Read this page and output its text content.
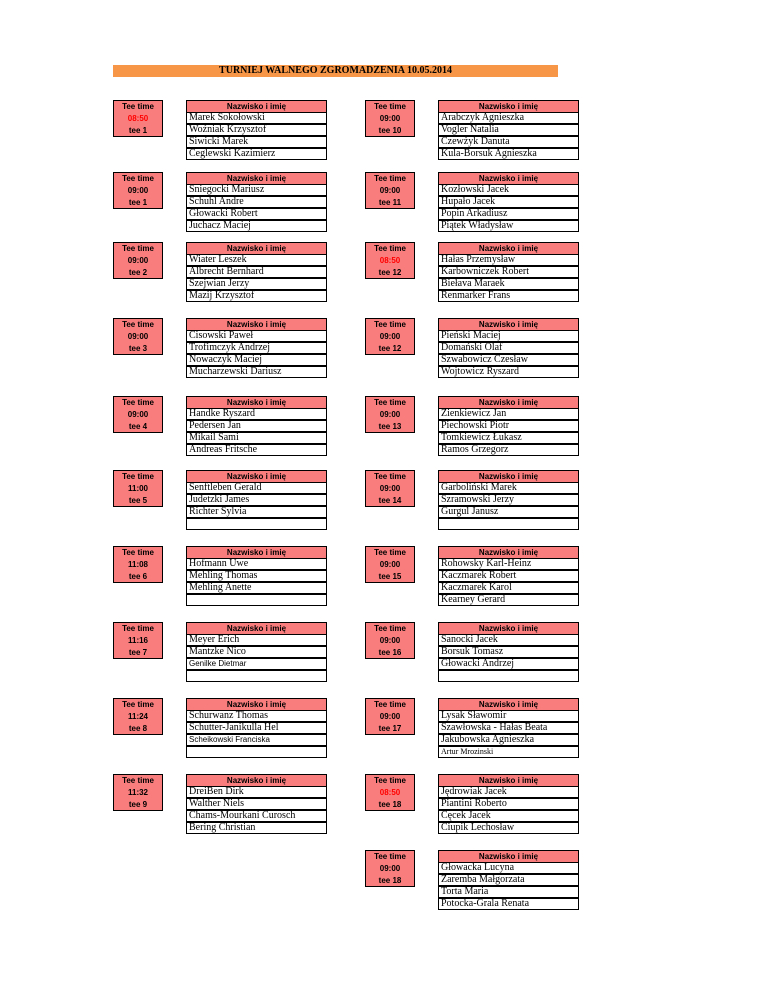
TURNIEJ WALNEGO ZGROMADZENIA 10.05.2014
Tee time
08:50
tee 1
Nazwisko i imię
Marek Sokołowski
Woźniak Krzysztof
Siwicki Marek
Ceglewski Kazimierz
Tee time
09:00
tee 1
Nazwisko i imię
Śniegocki Mariusz
Schuhl Andre
Głowacki Robert
Juchacz Maciej
Tee time
09:00
tee 2
Nazwisko i imię
Wiater Leszek
Albrecht Bernhard
Szejwian Jerzy
Mazij Krzysztof
Tee time
09:00
tee 3
Nazwisko i imię
Cisowski Paweł
Trofimczyk Andrzej
Nowaczyk Maciej
Mucharzewski Dariusz
Tee time
09:00
tee 4
Nazwisko i imię
Handke Ryszard
Pedersen Jan
Mikail Sami
Andreas Fritsche
Tee time
11:00
tee 5
Nazwisko i imię
Senftleben Gerald
Judetzki James
Richter Sylvia
Tee time
11:08
tee 6
Nazwisko i imię
Hofmann Uwe
Mehling Thomas
Mehling Anette
Tee time
11:16
tee 7
Nazwisko i imię
Meyer Erich
Mantzke Nico
Genilke Dietmar
Tee time
11:24
tee 8
Nazwisko i imię
Schurwanz Thomas
Schutter-Janikulla Hel
Scheikowski Franciska
Tee time
11:32
tee 9
Nazwisko i imię
DreiBen Dirk
Walther Niels
Chams-Mourkani Curosch
Bering Christian
Tee time
09:00
tee 10
Nazwisko i imię
Arabczyk Agnieszka
Vogler Natalia
Czewżyk Danuta
Kula-Borsuk Agnieszka
Tee time
09:00
tee 11
Nazwisko i imię
Kozłowski Jacek
Hupało Jacek
Popin Arkadiusz
Piątek Władysław
Tee time
08:50
tee 12
Nazwisko i imię
Hałas Przemysław
Karbowniczek Robert
Biełava Maraek
Renmarker Frans
Tee time
09:00
tee 12
Nazwisko i imię
Pieński Maciej
Domański Olaf
Szwabowicz Czesław
Wojtowicz Ryszard
Tee time
09:00
tee 13
Nazwisko i imię
Zienkiewicz Jan
Piechowski Piotr
Tomkiewicz Łukasz
Ramos Grzegorz
Tee time
09:00
tee 14
Nazwisko i imię
Garboliński Marek
Szramowski Jerzy
Gurgul Janusz
Tee time
09:00
tee 15
Nazwisko i imię
Rohowsky Karl-Heinz
Kaczmarek Robert
Kaczmarek Karol
Kearney Gerard
Tee time
09:00
tee 16
Nazwisko i imię
Sanocki Jacek
Borsuk Tomasz
Głowacki Andrzej
Tee time
09:00
tee 17
Nazwisko i imię
Lysak Sławomir
Szawłowska - Hałas Beata
Jakubowska Agnieszka
Artur Mrozinski
Tee time
08:50
tee 18
Nazwisko i imię
Jędrowiak Jacek
Piantini Roberto
Cęcek Jacek
Ciupik Lechosław
Tee time
09:00
tee 18
Nazwisko i imię
Głowacka Lucyna
Zaremba Małgorzata
Torta Maria
Potocka-Grala Renata
